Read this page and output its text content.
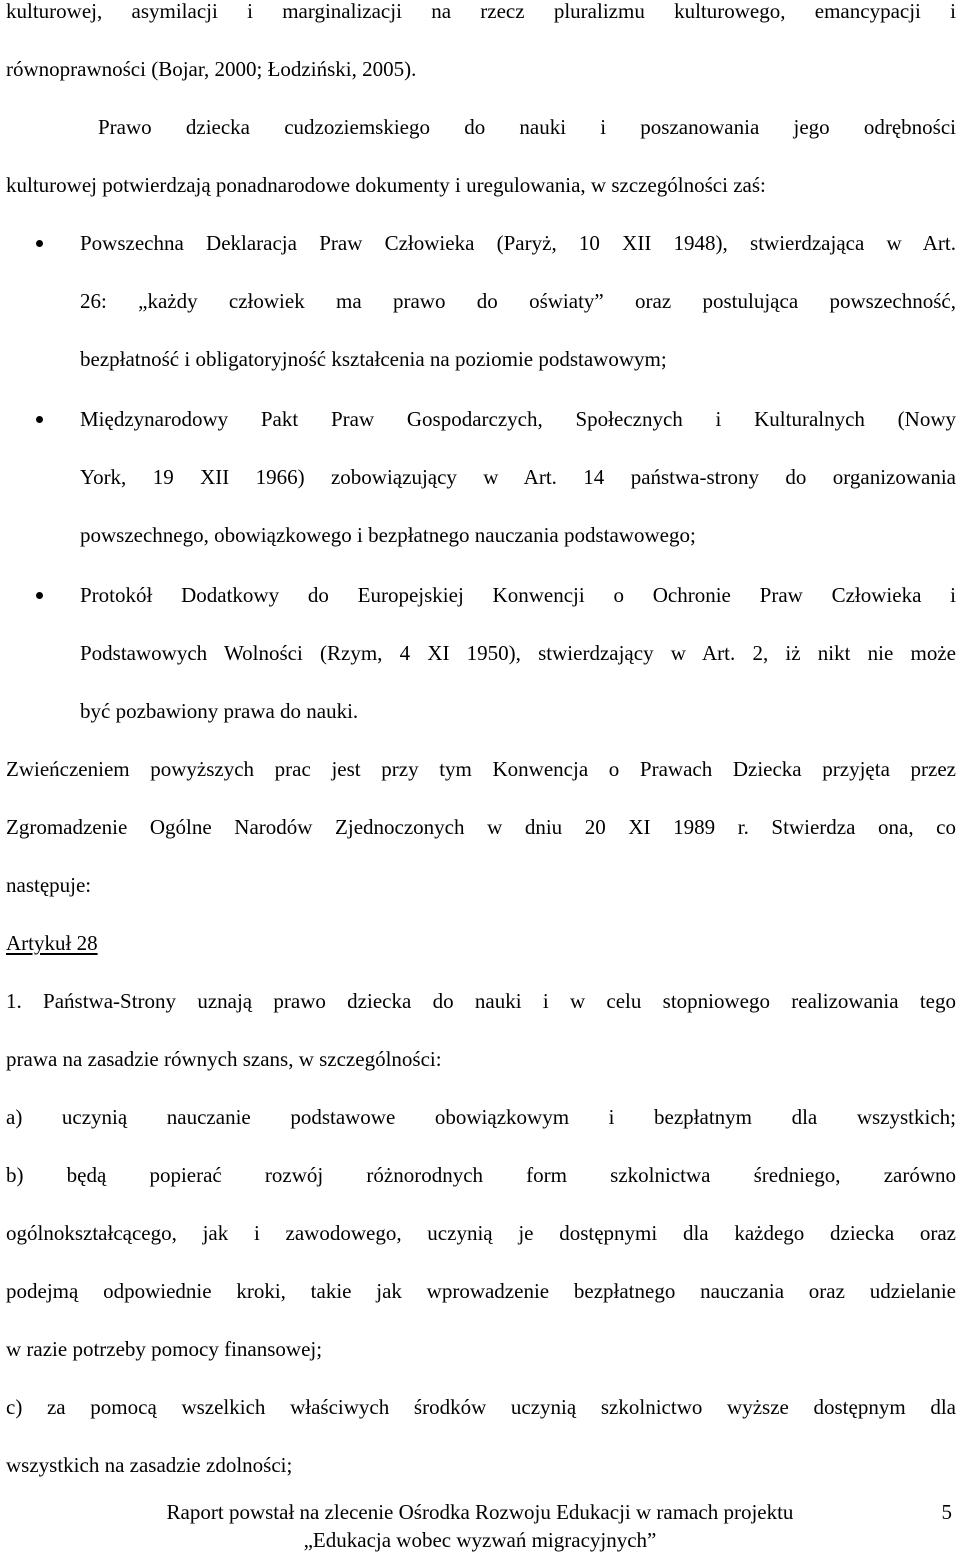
kulturowej, asymilacji i marginalizacji na rzecz pluralizmu kulturowego, emancypacji i
równoprawności (Bojar, 2000; Łodziński, 2005).
Prawo dziecka cudzoziemskiego do nauki i poszanowania jego odrębności
kulturowej potwierdzają ponadnarodowe dokumenty i uregulowania, w szczególności zaś:
Powszechna Deklaracja Praw Człowieka (Paryż, 10 XII 1948), stwierdzająca w Art.
26: „każdy człowiek ma prawo do oświaty” oraz postulująca powszechność,
bezpłatność i obligatoryjność kształcenia na poziomie podstawowym;
Międzynarodowy Pakt Praw Gospodarczych, Społecznych i Kulturalnych (Nowy
York, 19 XII 1966) zobowiązujący w Art. 14 państwa-strony do organizowania
powszechnego, obowiązkowego i bezpłatnego nauczania podstawowego;
Protokół Dodatkowy do Europejskiej Konwencji o Ochronie Praw Człowieka i
Podstawowych Wolności (Rzym, 4 XI 1950), stwierdzający w Art. 2, iż nikt nie może
być pozbawiony prawa do nauki.
Zwieńczeniem powyższych prac jest przy tym Konwencja o Prawach Dziecka przyjęta przez
Zgromadzenie Ogólne Narodów Zjednoczonych w dniu 20 XI 1989 r. Stwierdza ona, co
następuje:
Artykuł 28
1. Państwa-Strony uznają prawo dziecka do nauki i w celu stopniowego realizowania tego
prawa na zasadzie równych szans, w szczególności:
a) uczynią nauczanie podstawowe obowiązkowym i bezpłatnym dla wszystkich;
b) będą popierać rozwój różnorodnych form szkolnictwa średniego, zarówno
ogólnokształcącego, jak i zawodowego, uczynią je dostępnymi dla każdego dziecka oraz
podejmą odpowiednie kroki, takie jak wprowadzenie bezpłatnego nauczania oraz udzielanie
w razie potrzeby pomocy finansowej;
c) za pomocą wszelkich właściwych środków uczynią szkolnictwo wyższe dostępnym dla
wszystkich na zasadzie zdolności;
Raport powstał na zlecenie Ośrodka Rozwoju Edukacji w ramach projektu
„Edukacja wobec wyzwań migracyjnych”
5
